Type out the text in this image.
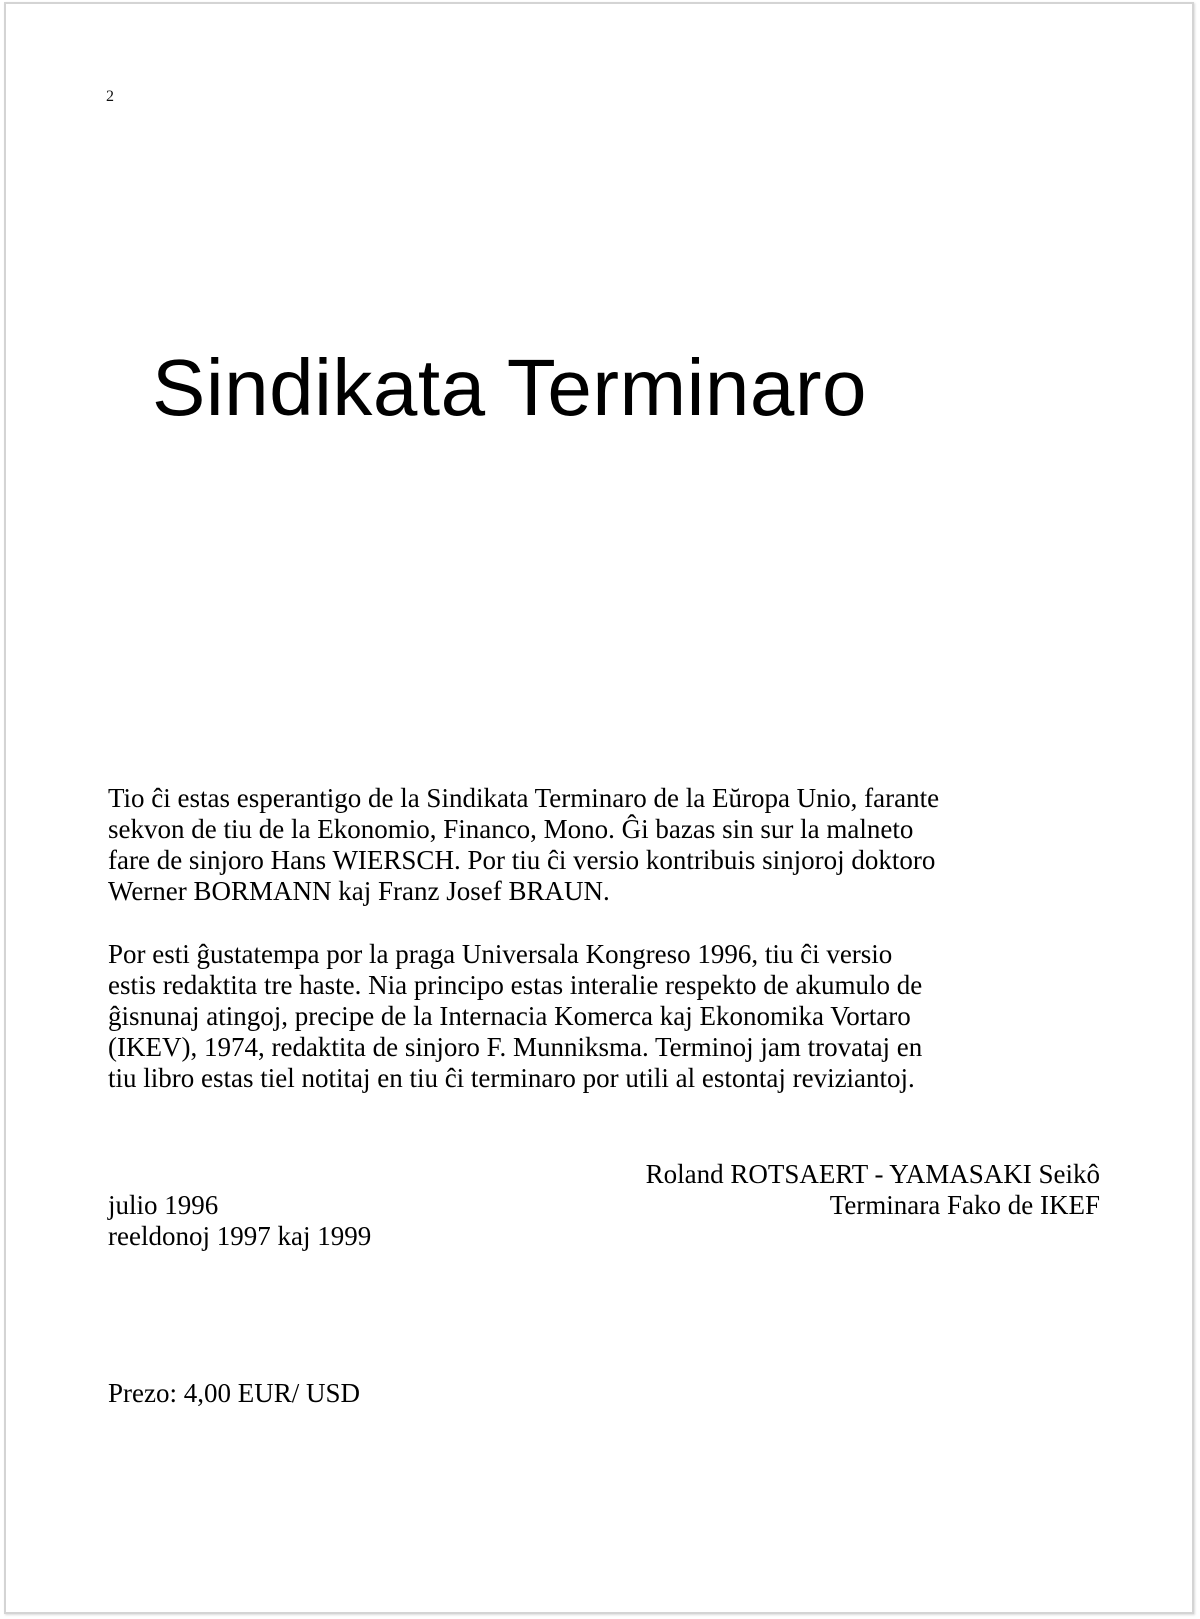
2
Sindikata Terminaro

Tio ĉi estas esperantigo de la Sindikata Terminaro de la Eŭropa Unio, farante

sekvon de tiu de la Ekonomio, Financo, Mono. Ĝi bazas sin sur la malneto

fare de sinjoro Hans WIERSCH. Por tiu ĉi versio kontribuis sinjoroj doktoro

Werner BORMANN kaj Franz Josef BRAUN.

Por esti ĝustatempa por la praga Universala Kongreso 1996, tiu ĉi versio

estis redaktita tre haste. Nia principo estas interalie respekto de akumulo de

ĝisnunaj atingoj, precipe de la Internacia Komerca kaj Ekonomika Vortaro

(IKEV), 1974, redaktita de sinjoro F. Munniksma. Terminoj jam trovataj en

tiu libro estas tiel notitaj en tiu ĉi terminaro por utili al estontaj reviziantoj.

Roland ROTSAERT - YAMASAKI Seikô
julio 1996	Terminara Fako de IKEF
reeldonoj 1997 kaj 1999
Prezo: 4,00 EUR/ USD
